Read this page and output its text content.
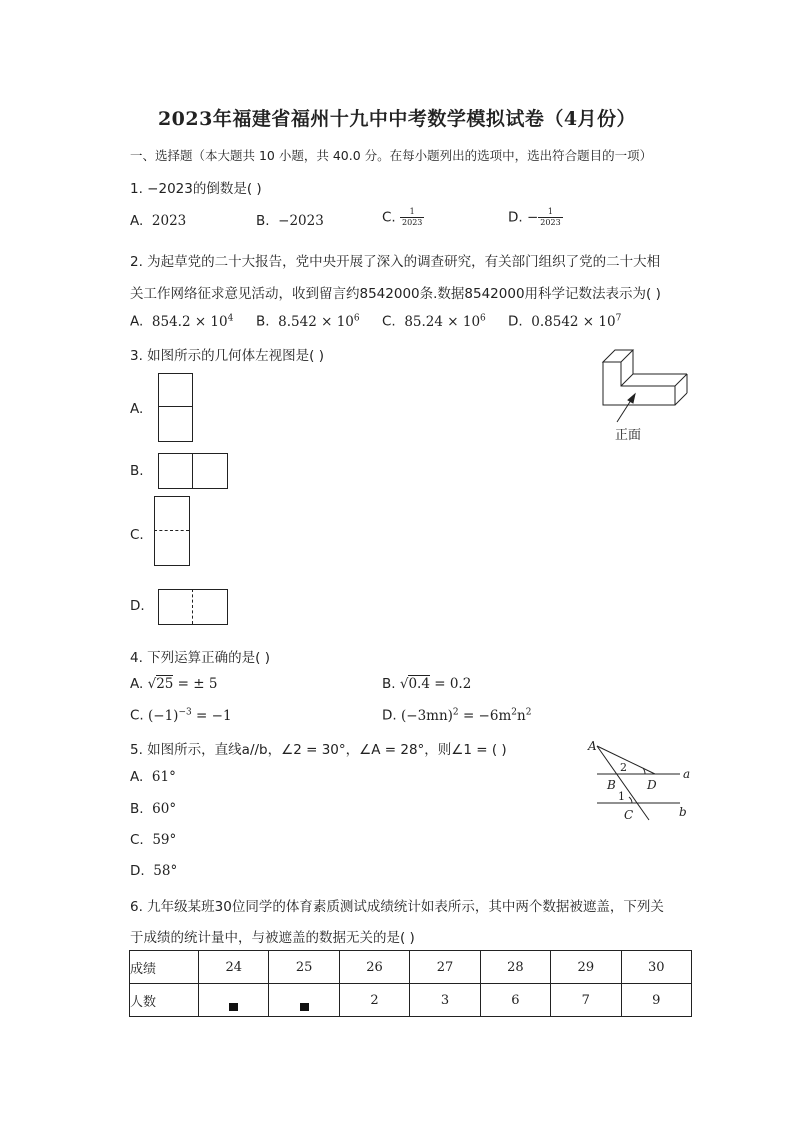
2023年福建省福州十九中中考数学模拟试卷（4月份）
一、选择题（本大题共 10 小题，共 40.0 分。在每小题列出的选项中，选出符合题目的一项）
1. −2023的倒数是( )
A. 2023	B. −2023	C. $\frac{1}{2023}$	D. − $\frac{1}{2023}$
2. 为起草党的二十大报告，党中央开展了深入的调查研究，有关部门组织了党的二十大相
关工作网络征求意见活动，收到留言约8542000条.数据8542000用科学记数法表示为( )
A. $854.2 \times 10^4$ B. $8.542 \times 10^6$ C. $85.24 \times 10^6$ D. $0.8542 \times 10^7$
3. 如图所示的几何体左视图是( )
正面
A.
B.
C.
D.
4. 下列运算正确的是( )
A. √25 = ± 5	B. √0.4 = 0.2
C. $(-1)^{-3} = -1$	D. $(-3mn)^2 = -6m^2n^2$
5. 如图所示，直线a//b，∠2 = 30°，∠A = 28°，则∠1 = ( )
A. 61°
B. 60°
C. 59°
D. 58°
A
B
C
D
a
b
2
1
6. 九年级某班30位同学的体育素质测试成绩统计如表所示，其中两个数据被遮盖，下列关
于成绩的统计量中，与被遮盖的数据无关的是( )
成绩	24	25	26	27	28	29	30
人数			2	3	6	7	9
